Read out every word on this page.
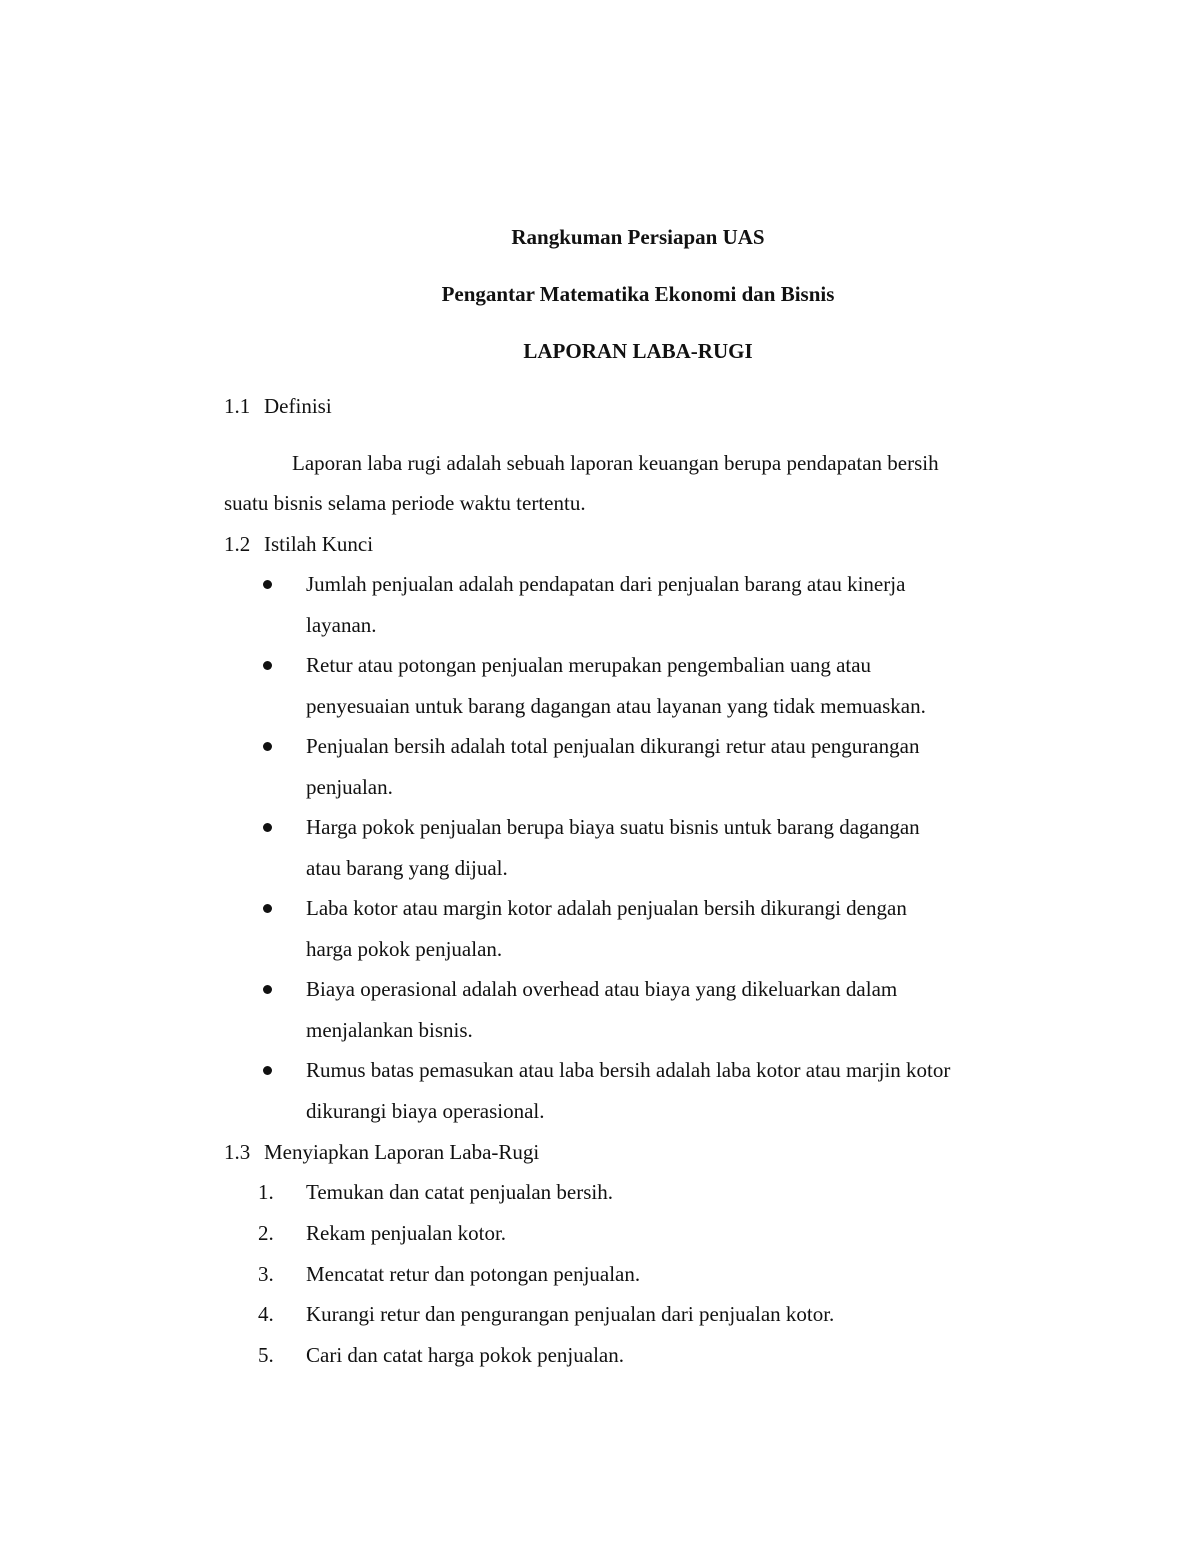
Rangkuman Persiapan UAS
Pengantar Matematika Ekonomi dan Bisnis
LAPORAN LABA-RUGI
1.1 Definisi
Laporan laba rugi adalah sebuah laporan keuangan berupa pendapatan bersih
suatu bisnis selama periode waktu tertentu.
1.2 Istilah Kunci
Jumlah penjualan adalah pendapatan dari penjualan barang atau kinerja
layanan.
Retur atau potongan penjualan merupakan pengembalian uang atau
penyesuaian untuk barang dagangan atau layanan yang tidak memuaskan.
Penjualan bersih adalah total penjualan dikurangi retur atau pengurangan
penjualan.
Harga pokok penjualan berupa biaya suatu bisnis untuk barang dagangan
atau barang yang dijual.
Laba kotor atau margin kotor adalah penjualan bersih dikurangi dengan
harga pokok penjualan.
Biaya operasional adalah overhead atau biaya yang dikeluarkan dalam
menjalankan bisnis.
Rumus batas pemasukan atau laba bersih adalah laba kotor atau marjin kotor
dikurangi biaya operasional.
1.3 Menyiapkan Laporan Laba-Rugi
1.	Temukan dan catat penjualan bersih.
2.	Rekam penjualan kotor.
3.	Mencatat retur dan potongan penjualan.
4.	Kurangi retur dan pengurangan penjualan dari penjualan kotor.
5.	Cari dan catat harga pokok penjualan.
